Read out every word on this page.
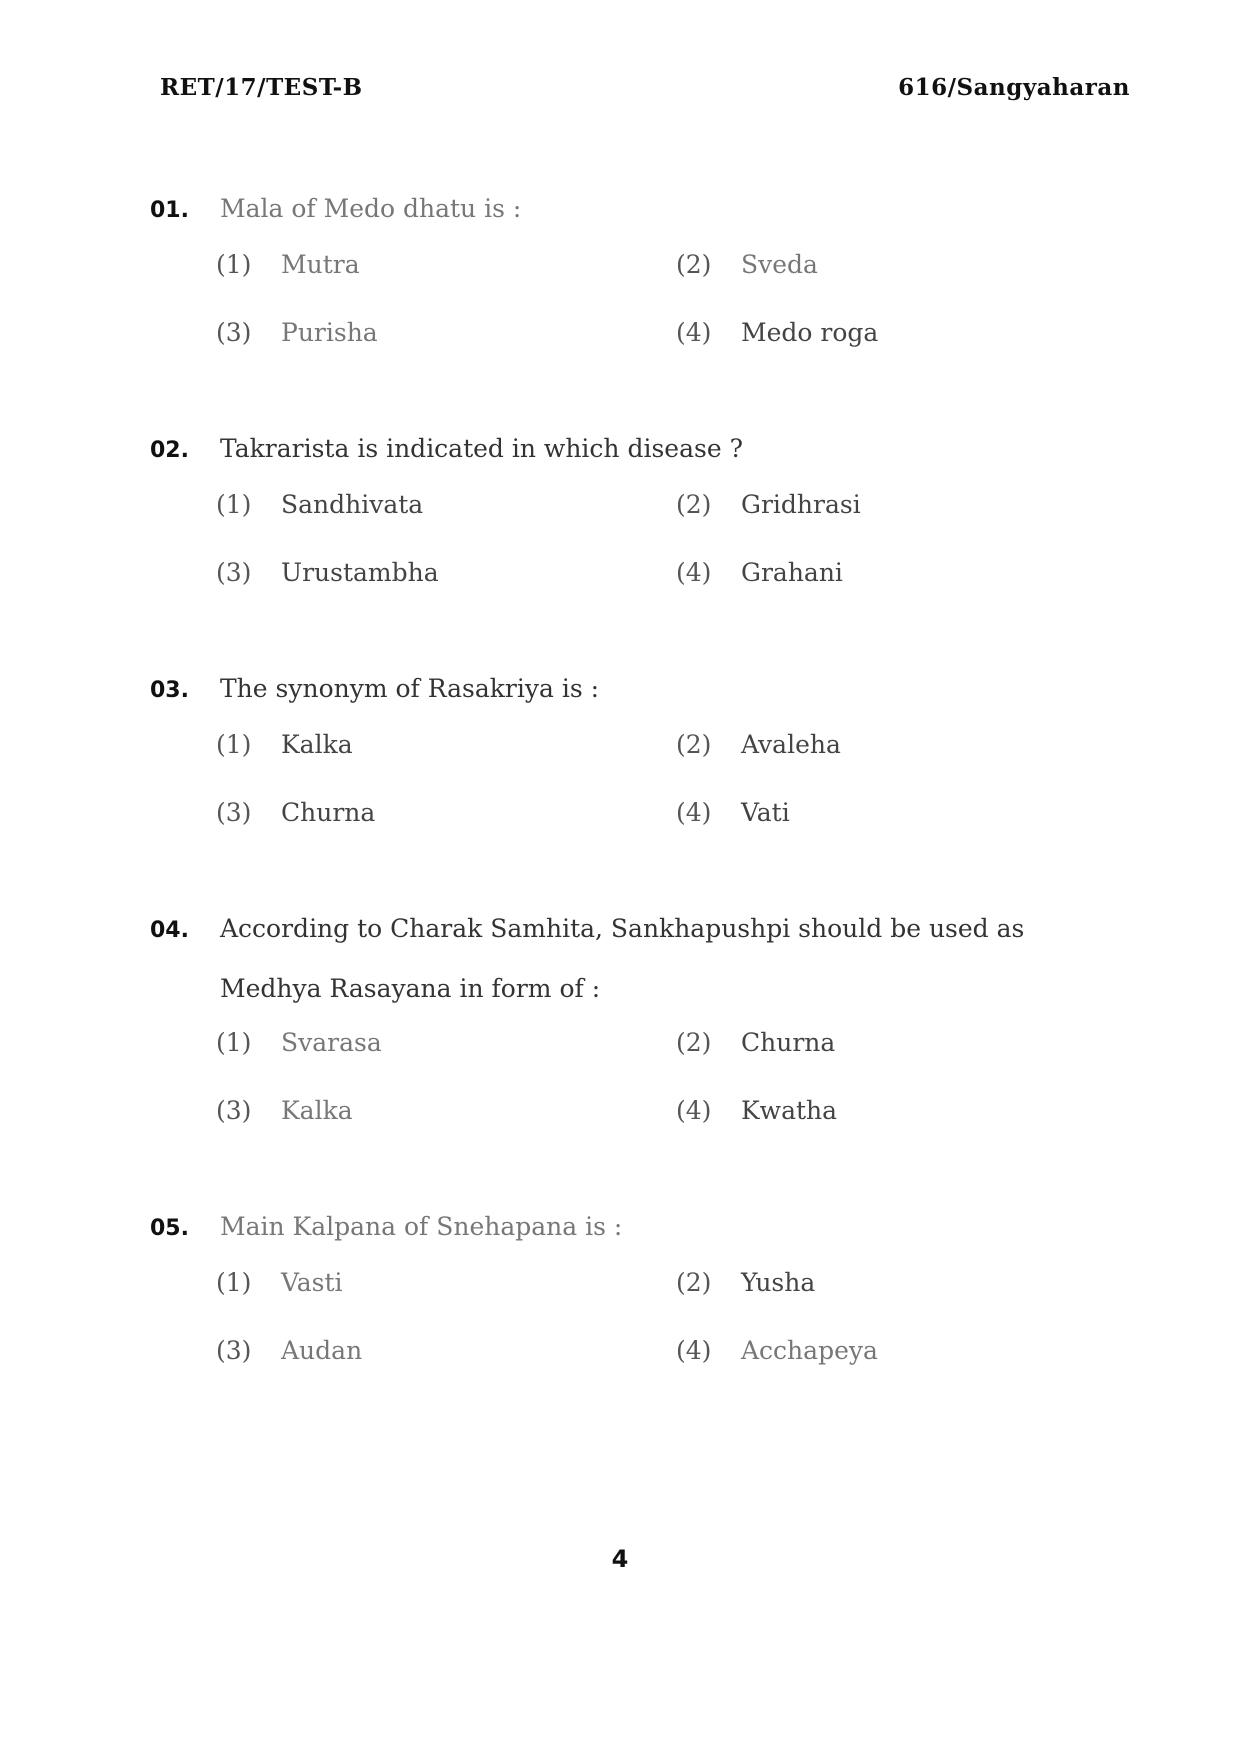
RET/17/TEST-B	616/Sangyaharan
01.	Mala of Medo dhatu is :
(1)	Mutra	(2)	Sveda
(3)	Purisha	(4)	Medo roga
02.	Takrarista is indicated in which disease ?
(1)	Sandhivata	(2)	Gridhrasi
(3)	Urustambha	(4)	Grahani
03.	The synonym of Rasakriya is :
(1)	Kalka	(2)	Avaleha
(3)	Churna	(4)	Vati
04.	According to Charak Samhita, Sankhapushpi should be used as
Medhya Rasayana in form of :
(1)	Svarasa	(2)	Churna
(3)	Kalka	(4)	Kwatha
05.	Main Kalpana of Snehapana is :
(1)	Vasti	(2)	Yusha
(3)	Audan	(4)	Acchapeya
4
